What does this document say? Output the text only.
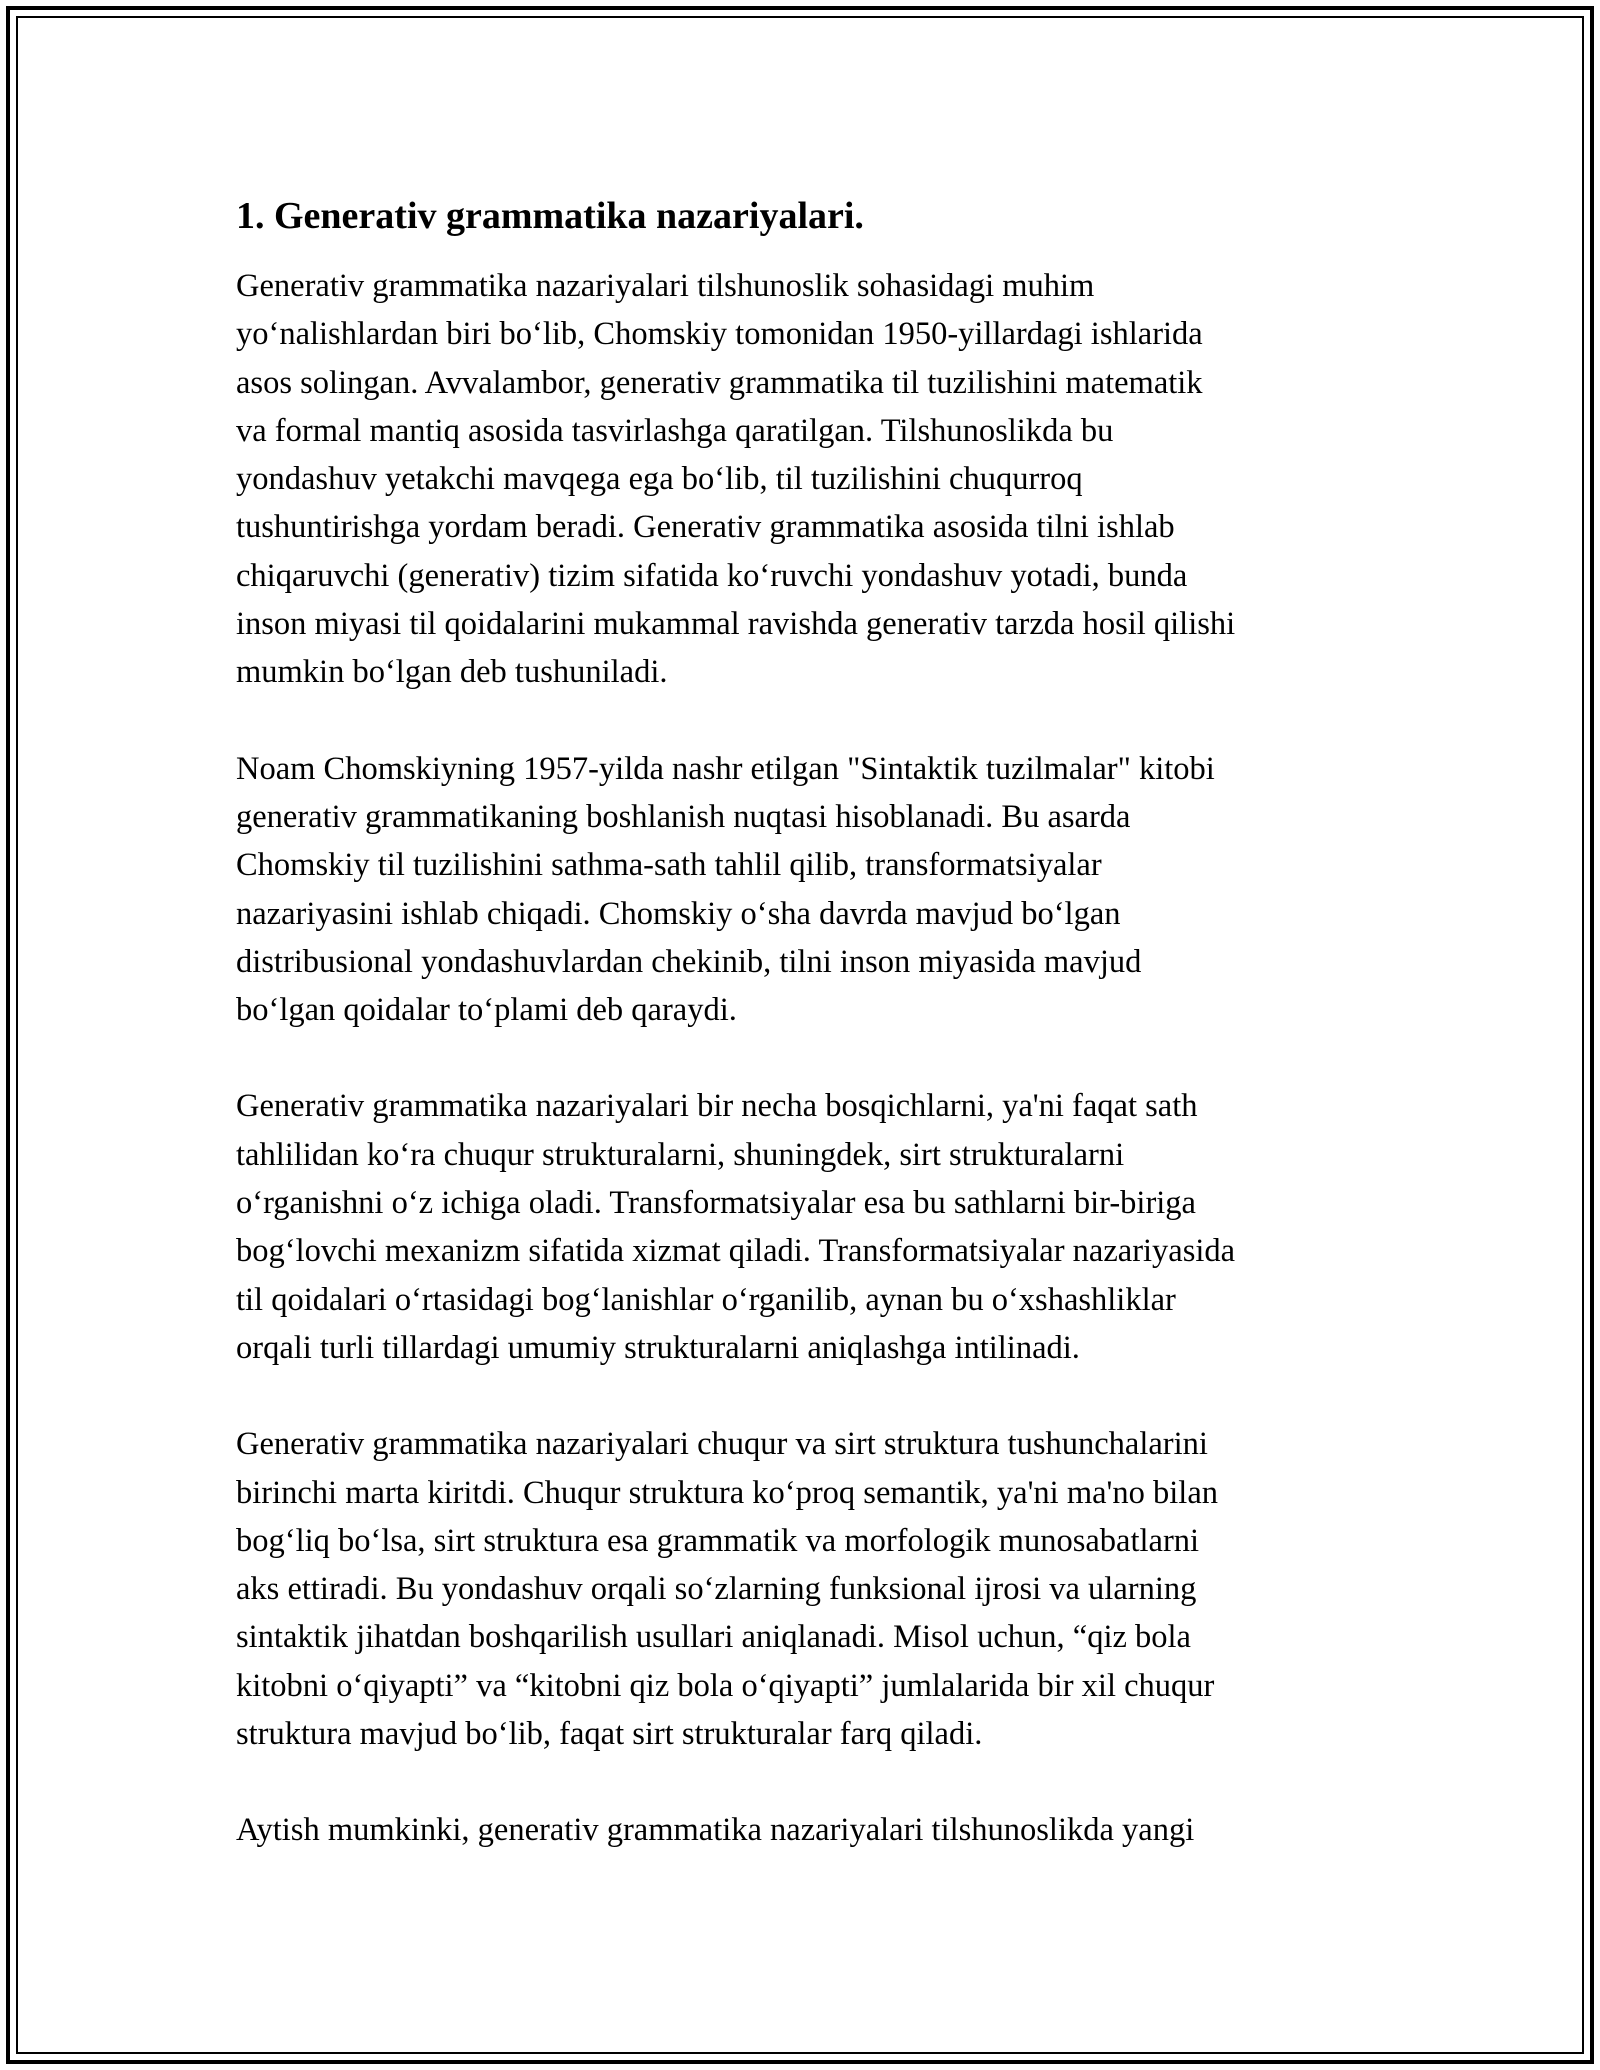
1. Generativ grammatika nazariyalari.
Generativ grammatika nazariyalari tilshunoslik sohasidagi muhim
yoʻnalishlardan biri boʻlib, Chomskiy tomonidan 1950-yillardagi ishlarida
asos solingan. Avvalambor, generativ grammatika til tuzilishini matematik
va formal mantiq asosida tasvirlashga qaratilgan. Tilshunoslikda bu
yondashuv yetakchi mavqega ega boʻlib, til tuzilishini chuqurroq
tushuntirishga yordam beradi. Generativ grammatika asosida tilni ishlab
chiqaruvchi (generativ) tizim sifatida koʻruvchi yondashuv yotadi, bunda
inson miyasi til qoidalarini mukammal ravishda generativ tarzda hosil qilishi
mumkin boʻlgan deb tushuniladi.
Noam Chomskiyning 1957-yilda nashr etilgan "Sintaktik tuzilmalar" kitobi
generativ grammatikaning boshlanish nuqtasi hisoblanadi. Bu asarda
Chomskiy til tuzilishini sathma-sath tahlil qilib, transformatsiyalar
nazariyasini ishlab chiqadi. Chomskiy oʻsha davrda mavjud boʻlgan
distribusional yondashuvlardan chekinib, tilni inson miyasida mavjud
boʻlgan qoidalar toʻplami deb qaraydi.
Generativ grammatika nazariyalari bir necha bosqichlarni, ya'ni faqat sath
tahlilidan koʻra chuqur strukturalarni, shuningdek, sirt strukturalarni
oʻrganishni oʻz ichiga oladi. Transformatsiyalar esa bu sathlarni bir-biriga
bogʻlovchi mexanizm sifatida xizmat qiladi. Transformatsiyalar nazariyasida
til qoidalari oʻrtasidagi bogʻlanishlar oʻrganilib, aynan bu oʻxshashliklar
orqali turli tillardagi umumiy strukturalarni aniqlashga intilinadi.
Generativ grammatika nazariyalari chuqur va sirt struktura tushunchalarini
birinchi marta kiritdi. Chuqur struktura koʻproq semantik, ya'ni ma'no bilan
bogʻliq boʻlsa, sirt struktura esa grammatik va morfologik munosabatlarni
aks ettiradi. Bu yondashuv orqali soʻzlarning funksional ijrosi va ularning
sintaktik jihatdan boshqarilish usullari aniqlanadi. Misol uchun, “qiz bola
kitobni oʻqiyapti” va “kitobni qiz bola oʻqiyapti” jumlalarida bir xil chuqur
struktura mavjud boʻlib, faqat sirt strukturalar farq qiladi.
Aytish mumkinki, generativ grammatika nazariyalari tilshunoslikda yangi
